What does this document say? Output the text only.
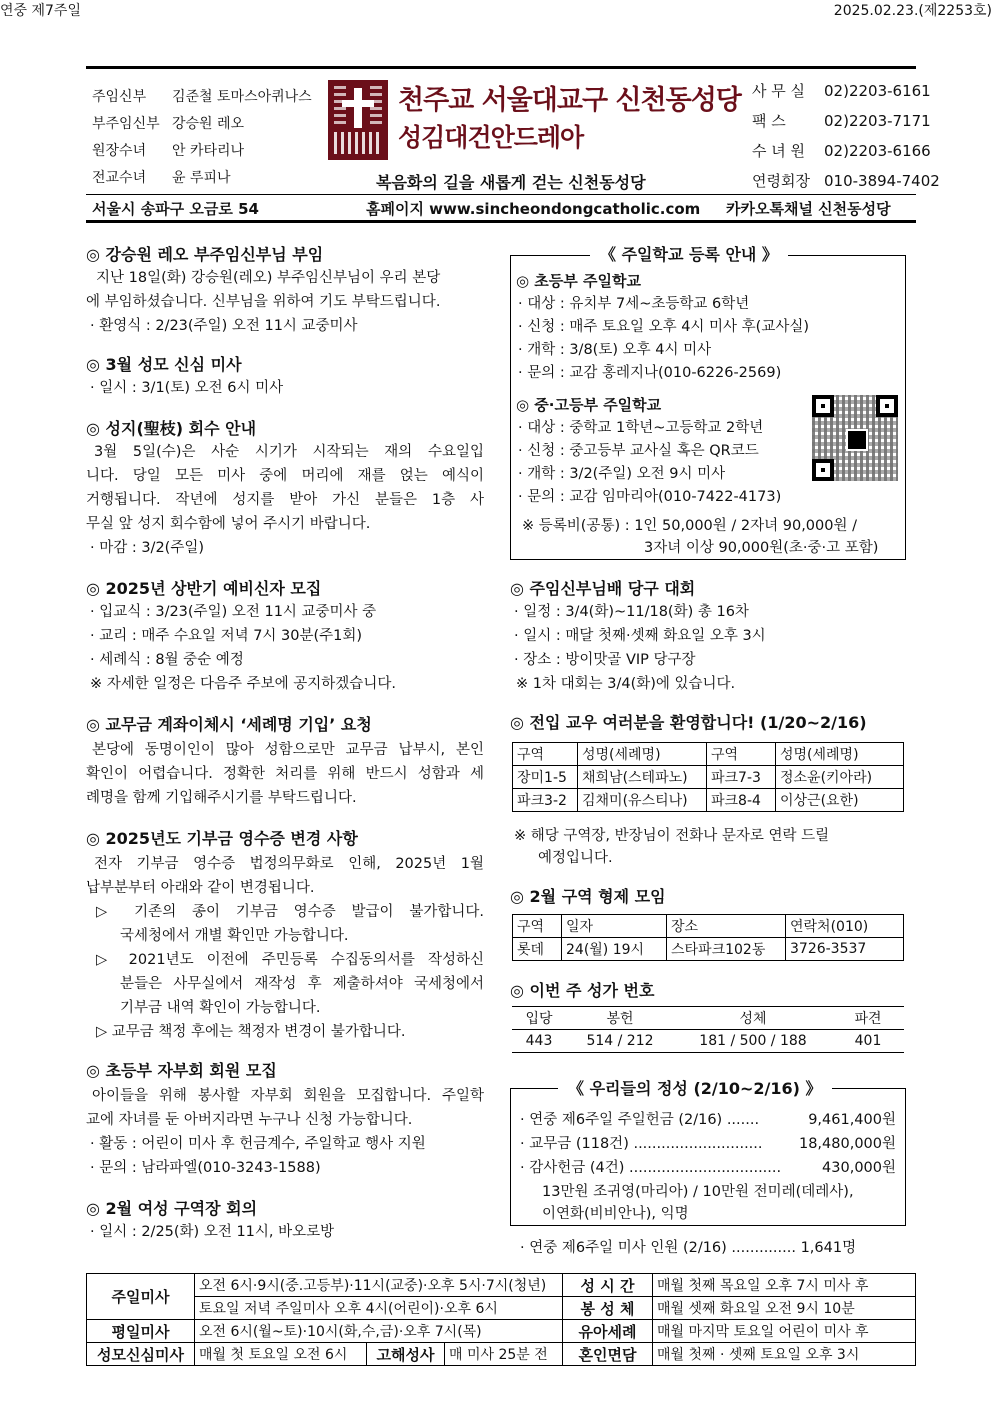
연중 제7주일	2025.02.23.(제2253호)
주임신부 김준철 토마스아퀴나스
부주임신부 강승원 레오
원장수녀 안 카타리나
전교수녀 윤 루피나
천주교 서울대교구 신천동성당
성김대건안드레아
복음화의 길을 새롭게 걷는 신천동성당
사 무 실 02)2203-6161
팩 스	02)2203-7171
수 녀 원 02)2203-6166
연령회장 010-3894-7402
서울시 송파구 오금로 54	홈페이지 www.sincheondongcatholic.com 카카오톡채널 신천동성당
◎ 강승원 레오 부주임신부님 부임
지난 18일(화) 강승원(레오) 부주임신부님이 우리 본당
에 부임하셨습니다. 신부님을 위하여 기도 부탁드립니다.
· 환영식 : 2/23(주일) 오전 11시 교중미사
◎ 3월 성모 신심 미사
· 일시 : 3/1(토) 오전 6시 미사
◎ 성지(聖枝) 회수 안내
3월 5일(수)은 사순 시기가 시작되는 재의 수요일입
니다. 당일 모든 미사 중에 머리에 재를 얹는 예식이
거행됩니다. 작년에 성지를 받아 가신 분들은 1층 사
무실 앞 성지 회수함에 넣어 주시기 바랍니다.
· 마감 : 3/2(주일)
◎ 2025년 상반기 예비신자 모집
· 입교식 : 3/23(주일) 오전 11시 교중미사 중
· 교리 : 매주 수요일 저녁 7시 30분(주1회)
· 세례식 : 8월 중순 예정
※ 자세한 일정은 다음주 주보에 공지하겠습니다.
◎ 교무금 계좌이체시 ‘세례명 기입’ 요청
본당에 동명이인이 많아 성함으로만 교무금 납부시, 본인
확인이 어렵습니다. 정확한 처리를 위해 반드시 성함과 세
례명을 함께 기입해주시기를 부탁드립니다.
◎ 2025년도 기부금 영수증 변경 사항
전자 기부금 영수증 법정의무화로 인해, 2025년 1월
납부분부터 아래와 같이 변경됩니다.
▷ 기존의 종이 기부금 영수증 발급이 불가합니다.
국세청에서 개별 확인만 가능합니다.
▷ 2021년도 이전에 주민등록 수집동의서를 작성하신
분들은 사무실에서 재작성 후 제출하셔야 국세청에서
기부금 내역 확인이 가능합니다.
▷ 교무금 책정 후에는 책정자 변경이 불가합니다.
◎ 초등부 자부회 회원 모집
아이들을 위해 봉사할 자부회 회원을 모집합니다. 주일학
교에 자녀를 둔 아버지라면 누구나 신청 가능합니다.
· 활동 : 어린이 미사 후 헌금계수, 주일학교 행사 지원
· 문의 : 남라파엘(010-3243-1588)
◎ 2월 여성 구역장 회의
· 일시 : 2/25(화) 오전 11시, 바오로방
《 주일학교 등록 안내 》
◎ 초등부 주일학교
· 대상 : 유치부 7세~초등학교 6학년
· 신청 : 매주 토요일 오후 4시 미사 후(교사실)
· 개학 : 3/8(토) 오후 4시 미사
· 문의 : 교감 홍레지나(010-6226-2569)
◎ 중·고등부 주일학교
· 대상 : 중학교 1학년~고등학교 2학년
· 신청 : 중고등부 교사실 혹은 QR코드
· 개학 : 3/2(주일) 오전 9시 미사
· 문의 : 교감 임마리아(010-7422-4173)
※ 등록비(공통) : 1인 50,000원 / 2자녀 90,000원 /
3자녀 이상 90,000원(초·중·고 포함)
◎ 주임신부님배 당구 대회
· 일정 : 3/4(화)~11/18(화) 총 16차
· 일시 : 매달 첫째·셋째 화요일 오후 3시
· 장소 : 방이맛골 VIP 당구장
※ 1차 대회는 3/4(화)에 있습니다.
◎ 전입 교우 여러분을 환영합니다! (1/20~2/16)
구역	성명(세례명)	구역	성명(세례명)
장미1-5	채희남(스테파노)	파크7-3	정소윤(키아라)
파크3-2	김채미(유스티나)	파크8-4	이상근(요한)
※ 해당 구역장, 반장님이 전화나 문자로 연락 드릴
예정입니다.
◎ 2월 구역 형제 모임
구역	일자	장소	연락처(010)
롯데	24(월) 19시	스타파크102동	3726-3537
◎ 이번 주 성가 번호
입당	봉헌	성체	파견
443	514 / 212	181 / 500 / 188	401
《 우리들의 정성 (2/10~2/16) 》
· 연중 제6주일 주일헌금 (2/16) .......	9,461,400원
· 교무금 (118건) ............................	18,480,000원
· 감사헌금 (4건) .................................	430,000원
13만원 조귀영(마리아) / 10만원 전미레(데레사),
이연화(비비안나), 익명
· 연중 제6주일 미사 인원 (2/16) .............. 1,641명
주일미사	오전 6시·9시(중.고등부)·11시(교중)·오후 5시·7시(청년)			성 시 간	매월 첫째 목요일 오후 7시 미사 후
	토요일 저녁 주일미사 오후 4시(어린이)·오후 6시			봉 성 체	매월 셋째 화요일 오전 9시 10분
평일미사	오전 6시(월~토)·10시(화,수,금)·오후 7시(목)			유아세례	매월 마지막 토요일 어린이 미사 후
성모신심미사	매월 첫 토요일 오전 6시	고해성사	매 미사 25분 전	혼인면담	매월 첫째 · 셋째 토요일 오후 3시
